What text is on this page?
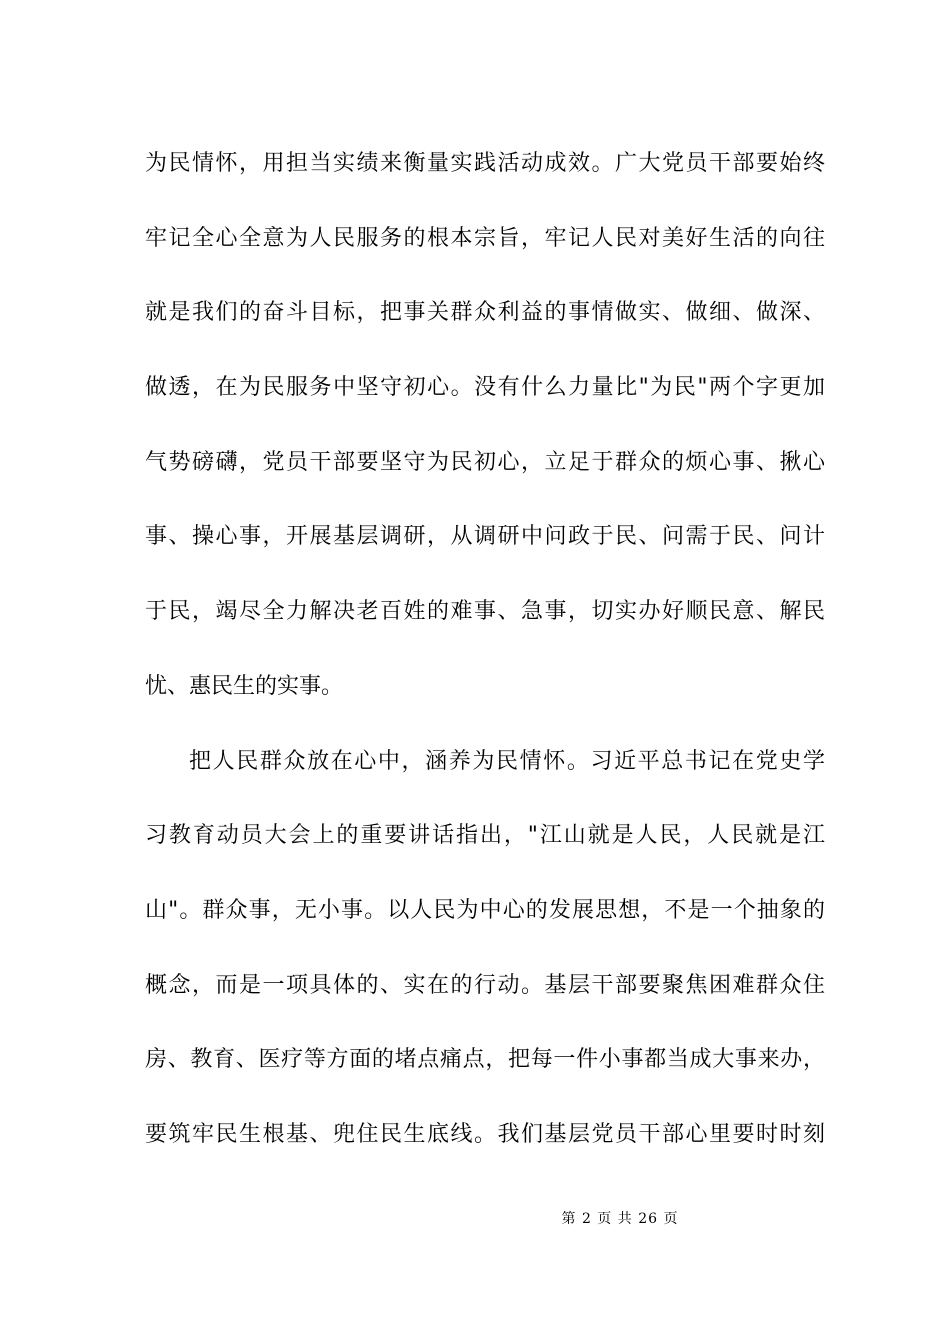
为民情怀，用担当实绩来衡量实践活动成效。广大党员干部要始终
牢记全心全意为人民服务的根本宗旨，牢记人民对美好生活的向往
就是我们的奋斗目标，把事关群众利益的事情做实、做细、做深、
做透，在为民服务中坚守初心。没有什么力量比"为民"两个字更加
气势磅礴，党员干部要坚守为民初心，立足于群众的烦心事、揪心
事、操心事，开展基层调研，从调研中问政于民、问需于民、问计
于民，竭尽全力解决老百姓的难事、急事，切实办好顺民意、解民
忧、惠民生的实事。
把人民群众放在心中，涵养为民情怀。习近平总书记在党史学
习教育动员大会上的重要讲话指出，"江山就是人民，人民就是江
山"。群众事，无小事。以人民为中心的发展思想，不是一个抽象的
概念，而是一项具体的、实在的行动。基层干部要聚焦困难群众住
房、教育、医疗等方面的堵点痛点，把每一件小事都当成大事来办，
要筑牢民生根基、兜住民生底线。我们基层党员干部心里要时时刻
第 2 页 共 26 页
